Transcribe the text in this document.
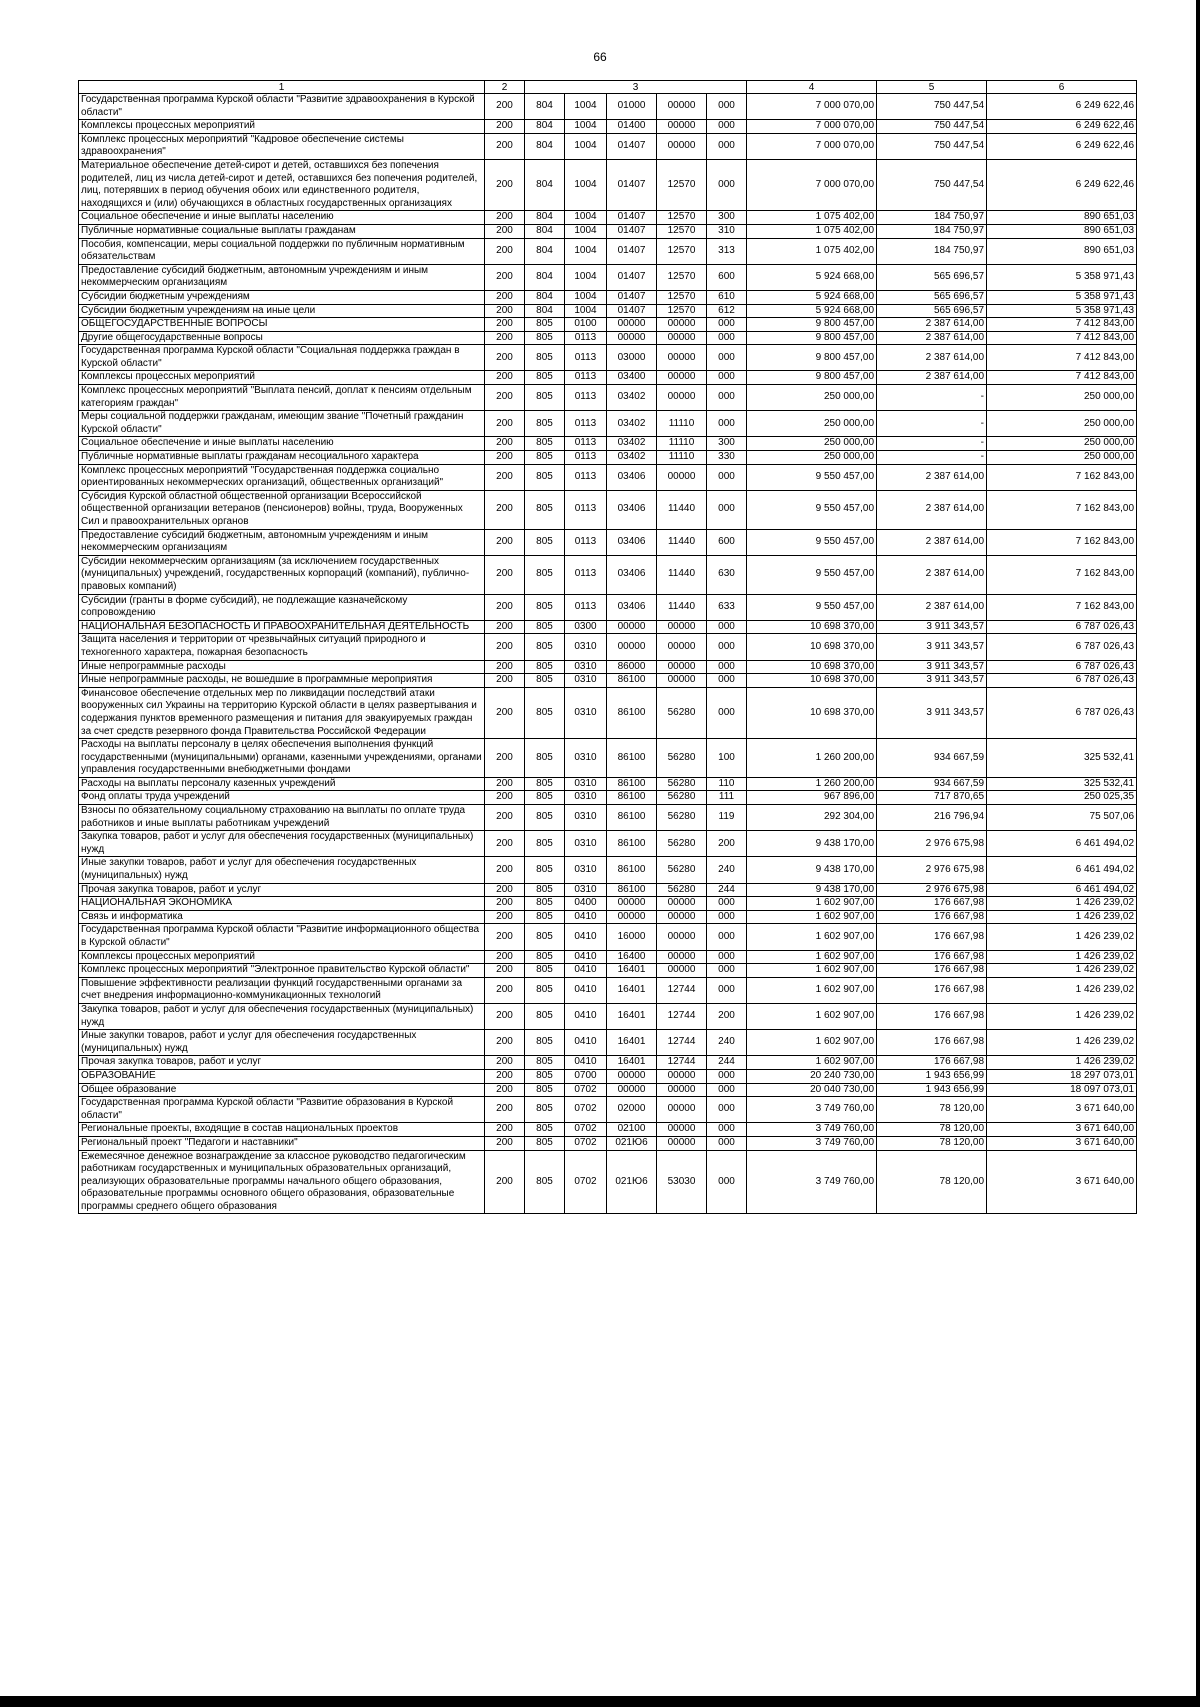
66
1	2	3					4	5	6
Государственная программа Курской области "Развитие здравоохранения в Курской области"	200	804	1004	01000	00000	000	7 000 070,00	750 447,54	6 249 622,46
Комплексы процессных мероприятий	200	804	1004	01400	00000	000	7 000 070,00	750 447,54	6 249 622,46
Комплекс процессных мероприятий "Кадровое обеспечение системы здравоохранения"	200	804	1004	01407	00000	000	7 000 070,00	750 447,54	6 249 622,46
Материальное обеспечение детей-сирот и детей, оставшихся без попечения родителей, лиц из числа детей-сирот и детей, оставшихся без попечения родителей, лиц, потерявших в период обучения обоих или единственного родителя, находящихся и (или) обучающихся в областных государственных организациях	200	804	1004	01407	12570	000	7 000 070,00	750 447,54	6 249 622,46
Социальное обеспечение и иные выплаты населению	200	804	1004	01407	12570	300	1 075 402,00	184 750,97	890 651,03
Публичные нормативные социальные выплаты гражданам	200	804	1004	01407	12570	310	1 075 402,00	184 750,97	890 651,03
Пособия, компенсации, меры социальной поддержки по публичным нормативным обязательствам	200	804	1004	01407	12570	313	1 075 402,00	184 750,97	890 651,03
Предоставление субсидий бюджетным, автономным учреждениям и иным некоммерческим организациям	200	804	1004	01407	12570	600	5 924 668,00	565 696,57	5 358 971,43
Субсидии бюджетным учреждениям	200	804	1004	01407	12570	610	5 924 668,00	565 696,57	5 358 971,43
Субсидии бюджетным учреждениям на иные цели	200	804	1004	01407	12570	612	5 924 668,00	565 696,57	5 358 971,43
ОБЩЕГОСУДАРСТВЕННЫЕ ВОПРОСЫ	200	805	0100	00000	00000	000	9 800 457,00	2 387 614,00	7 412 843,00
Другие общегосударственные вопросы	200	805	0113	00000	00000	000	9 800 457,00	2 387 614,00	7 412 843,00
Государственная программа Курской области "Социальная поддержка граждан в Курской области"	200	805	0113	03000	00000	000	9 800 457,00	2 387 614,00	7 412 843,00
Комплексы процессных мероприятий	200	805	0113	03400	00000	000	9 800 457,00	2 387 614,00	7 412 843,00
Комплекс процессных мероприятий "Выплата пенсий, доплат к пенсиям отдельным категориям граждан"	200	805	0113	03402	00000	000	250 000,00	-	250 000,00
Меры социальной поддержки гражданам, имеющим звание "Почетный гражданин Курской области"	200	805	0113	03402	11110	000	250 000,00	-	250 000,00
Социальное обеспечение и иные выплаты населению	200	805	0113	03402	11110	300	250 000,00	-	250 000,00
Публичные нормативные выплаты гражданам несоциального характера	200	805	0113	03402	11110	330	250 000,00	-	250 000,00
Комплекс процессных мероприятий "Государственная поддержка социально ориентированных некоммерческих организаций, общественных организаций"	200	805	0113	03406	00000	000	9 550 457,00	2 387 614,00	7 162 843,00
Субсидия Курской областной общественной организации Всероссийской общественной организации ветеранов (пенсионеров) войны, труда, Вооруженных Сил и правоохранительных органов	200	805	0113	03406	11440	000	9 550 457,00	2 387 614,00	7 162 843,00
Предоставление субсидий бюджетным, автономным учреждениям и иным некоммерческим организациям	200	805	0113	03406	11440	600	9 550 457,00	2 387 614,00	7 162 843,00
Субсидии некоммерческим организациям (за исключением государственных (муниципальных) учреждений, государственных корпораций (компаний), публично-правовых компаний)	200	805	0113	03406	11440	630	9 550 457,00	2 387 614,00	7 162 843,00
Субсидии (гранты в форме субсидий), не подлежащие казначейскому сопровождению	200	805	0113	03406	11440	633	9 550 457,00	2 387 614,00	7 162 843,00
НАЦИОНАЛЬНАЯ БЕЗОПАСНОСТЬ И ПРАВООХРАНИТЕЛЬНАЯ ДЕЯТЕЛЬНОСТЬ	200	805	0300	00000	00000	000	10 698 370,00	3 911 343,57	6 787 026,43
Защита населения и территории от чрезвычайных ситуаций природного и техногенного характера, пожарная безопасность	200	805	0310	00000	00000	000	10 698 370,00	3 911 343,57	6 787 026,43
Иные непрограммные расходы	200	805	0310	86000	00000	000	10 698 370,00	3 911 343,57	6 787 026,43
Иные непрограммные расходы, не вошедшие в программные мероприятия	200	805	0310	86100	00000	000	10 698 370,00	3 911 343,57	6 787 026,43
Финансовое обеспечение отдельных мер по ликвидации последствий атаки вооруженных сил Украины на территорию Курской области в целях развертывания и содержания пунктов временного размещения и питания для эвакуируемых граждан за счет средств резервного фонда Правительства Российской Федерации	200	805	0310	86100	56280	000	10 698 370,00	3 911 343,57	6 787 026,43
Расходы на выплаты персоналу в целях обеспечения выполнения функций государственными (муниципальными) органами, казенными учреждениями, органами управления государственными внебюджетными фондами	200	805	0310	86100	56280	100	1 260 200,00	934 667,59	325 532,41
Расходы на выплаты персоналу казенных учреждений	200	805	0310	86100	56280	110	1 260 200,00	934 667,59	325 532,41
Фонд оплаты труда учреждений	200	805	0310	86100	56280	111	967 896,00	717 870,65	250 025,35
Взносы по обязательному социальному страхованию на выплаты по оплате труда работников и иные выплаты работникам учреждений	200	805	0310	86100	56280	119	292 304,00	216 796,94	75 507,06
Закупка товаров, работ и услуг для обеспечения государственных (муниципальных) нужд	200	805	0310	86100	56280	200	9 438 170,00	2 976 675,98	6 461 494,02
Иные закупки товаров, работ и услуг для обеспечения государственных (муниципальных) нужд	200	805	0310	86100	56280	240	9 438 170,00	2 976 675,98	6 461 494,02
Прочая закупка товаров, работ и услуг	200	805	0310	86100	56280	244	9 438 170,00	2 976 675,98	6 461 494,02
НАЦИОНАЛЬНАЯ ЭКОНОМИКА	200	805	0400	00000	00000	000	1 602 907,00	176 667,98	1 426 239,02
Связь и информатика	200	805	0410	00000	00000	000	1 602 907,00	176 667,98	1 426 239,02
Государственная программа Курской области "Развитие информационного общества в Курской области"	200	805	0410	16000	00000	000	1 602 907,00	176 667,98	1 426 239,02
Комплексы процессных мероприятий	200	805	0410	16400	00000	000	1 602 907,00	176 667,98	1 426 239,02
Комплекс процессных мероприятий "Электронное правительство Курской области"	200	805	0410	16401	00000	000	1 602 907,00	176 667,98	1 426 239,02
Повышение эффективности реализации функций государственными органами за счет внедрения информационно-коммуникационных технологий	200	805	0410	16401	12744	000	1 602 907,00	176 667,98	1 426 239,02
Закупка товаров, работ и услуг для обеспечения государственных (муниципальных) нужд	200	805	0410	16401	12744	200	1 602 907,00	176 667,98	1 426 239,02
Иные закупки товаров, работ и услуг для обеспечения государственных (муниципальных) нужд	200	805	0410	16401	12744	240	1 602 907,00	176 667,98	1 426 239,02
Прочая закупка товаров, работ и услуг	200	805	0410	16401	12744	244	1 602 907,00	176 667,98	1 426 239,02
ОБРАЗОВАНИЕ	200	805	0700	00000	00000	000	20 240 730,00	1 943 656,99	18 297 073,01
Общее образование	200	805	0702	00000	00000	000	20 040 730,00	1 943 656,99	18 097 073,01
Государственная программа Курской области "Развитие образования в Курской области"	200	805	0702	02000	00000	000	3 749 760,00	78 120,00	3 671 640,00
Региональные проекты, входящие в состав национальных проектов	200	805	0702	02100	00000	000	3 749 760,00	78 120,00	3 671 640,00
Региональный проект "Педагоги и наставники"	200	805	0702	021Ю6	00000	000	3 749 760,00	78 120,00	3 671 640,00
Ежемесячное денежное вознаграждение за классное руководство педагогическим работникам государственных и муниципальных образовательных организаций, реализующих образовательные программы начального общего образования, образовательные программы основного общего образования, образовательные программы среднего общего образования	200	805	0702	021Ю6	53030	000	3 749 760,00	78 120,00	3 671 640,00
